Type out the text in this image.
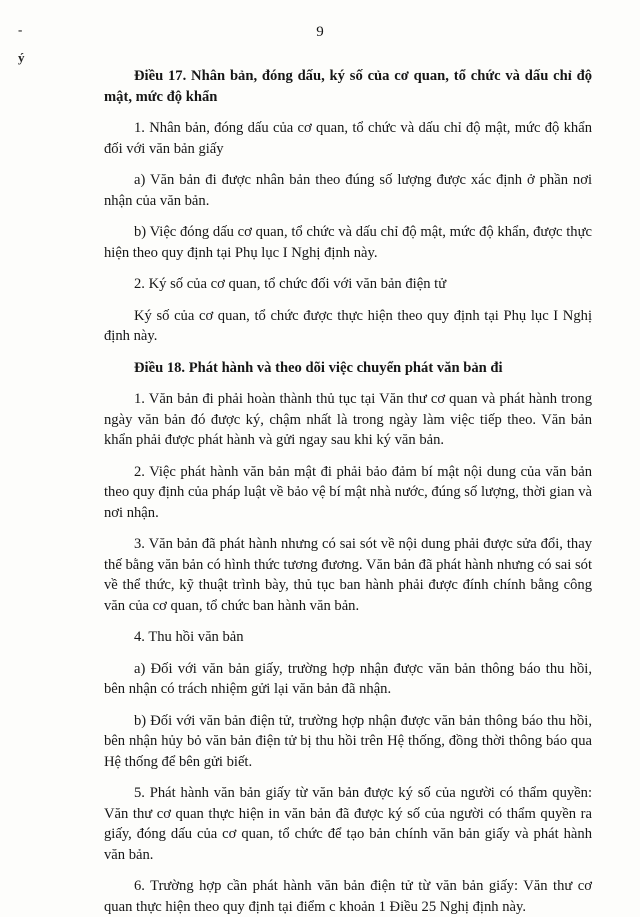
-
ý
9

Điều 17. Nhân bản, đóng dấu, ký số của cơ quan, tổ chức và dấu chỉ độ mật, mức độ khẩn

1. Nhân bản, đóng dấu của cơ quan, tổ chức và dấu chỉ độ mật, mức độ khẩn đối với văn bản giấy

a) Văn bản đi được nhân bản theo đúng số lượng được xác định ở phần nơi nhận của văn bản.

b) Việc đóng dấu cơ quan, tổ chức và dấu chỉ độ mật, mức độ khẩn, được thực hiện theo quy định tại Phụ lục I Nghị định này.

2. Ký số của cơ quan, tổ chức đối với văn bản điện tử

Ký số của cơ quan, tổ chức được thực hiện theo quy định tại Phụ lục I Nghị định này.

Điều 18. Phát hành và theo dõi việc chuyển phát văn bản đi

1. Văn bản đi phải hoàn thành thủ tục tại Văn thư cơ quan và phát hành trong ngày văn bản đó được ký, chậm nhất là trong ngày làm việc tiếp theo. Văn bản khẩn phải được phát hành và gửi ngay sau khi ký văn bản.

2. Việc phát hành văn bản mật đi phải bảo đảm bí mật nội dung của văn bản theo quy định của pháp luật về bảo vệ bí mật nhà nước, đúng số lượng, thời gian và nơi nhận.

3. Văn bản đã phát hành nhưng có sai sót về nội dung phải được sửa đổi, thay thế bằng văn bản có hình thức tương đương. Văn bản đã phát hành nhưng có sai sót về thể thức, kỹ thuật trình bày, thủ tục ban hành phải được đính chính bằng công văn của cơ quan, tổ chức ban hành văn bản.

4. Thu hồi văn bản

a) Đối với văn bản giấy, trường hợp nhận được văn bản thông báo thu hồi, bên nhận có trách nhiệm gửi lại văn bản đã nhận.

b) Đối với văn bản điện tử, trường hợp nhận được văn bản thông báo thu hồi, bên nhận hủy bỏ văn bản điện tử bị thu hồi trên Hệ thống, đồng thời thông báo qua Hệ thống để bên gửi biết.

5. Phát hành văn bản giấy từ văn bản được ký số của người có thẩm quyền: Văn thư cơ quan thực hiện in văn bản đã được ký số của người có thẩm quyền ra giấy, đóng dấu của cơ quan, tổ chức để tạo bản chính văn bản giấy và phát hành văn bản.

6. Trường hợp cần phát hành văn bản điện tử từ văn bản giấy: Văn thư cơ quan thực hiện theo quy định tại điểm c khoản 1 Điều 25 Nghị định này.
